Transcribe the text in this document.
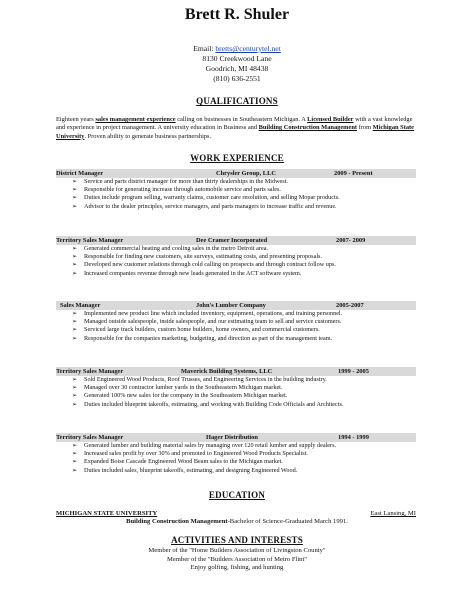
Brett R. Shuler
Email: bretts@centurytel.net
8130 Creekwood Lane
Goodrich, MI 48438
(810) 636-2551
QUALIFICATIONS
Eighteen years sales management experience calling on businesses in Southeastern Michigan. A Licensed Builder with a vast knowledge and experience in project management. A university education in Business and Building Construction Management from Michigan State University. Proven ability to generate business partnerships.
WORK EXPERIENCE
District Manager	Chrysler Group, LLC	2009 - Present
➢ Service and parts district manager for more than thirty dealerships in the Midwest.
➢ Responsible for generating increase through automobile service and parts sales.
➢ Duties include program selling, warranty claims, customer care resolution, and selling Mopar products.
➢ Advisor to the dealer principles, service managers, and parts managers to increase traffic and revenue.
Territory Sales Manager	Dee Cramer Incorporated	2007- 2009
➢ Generated commercial heating and cooling sales in the metro Detroit area.
➢ Responsible for finding new customers, site surveys, estimating costs, and presenting proposals.
➢ Developed new customer relations through cold calling on prospects and through contract follow ups.
➢ Increased companies revenue through new leads generated in the ACT software system.
Sales Manager	John's Lumber Company	2005-2007
➢ Implemented new product line which included inventory, equipment, operations, and training personnel.
➢ Managed outside salespeople, inside salespeople, and our estimating team to sell and service customers.
➢ Serviced large track builders, custom home builders, home owners, and commercial customers.
➢ Responsible for the companies marketing, budgeting, and direction as part of the management team.
Territory Sales Manager	Maverick Building Systems, LLC	1999 - 2005
➢ Sold Engineered Wood Products, Roof Trusses, and Engineering Services in the building industry.
➢ Managed over 30 contractor lumber yards in the Southeastern Michigan market.
➢ Generated 100% new sales for the company in the Southeastern Michigan market.
➢ Duties included blueprint takeoffs, estimating, and working with Building Code Officials and Architects.
Territory Sales Manager	Hager Distribution	1994 - 1999
➢ Generated lumber and building material sales by managing over 120 retail lumber and supply dealers.
➢ Increased sales profit by over 30% and promoted to Engineered Wood Products Specialist.
➢ Expanded Boise Cascade Engineered Wood Beam sales to the Michigan market.
➢ Duties included sales, blueprint takeoffs, estimating, and designing Engineered Wood.
EDUCATION
MICHIGAN STATE UNIVERSITY	East Lansing, MI
Building Construction Management-Bachelor of Science-Graduated March 1991.
ACTIVITIES AND INTERESTS
Member of the "Home Builders Association of Livingston County"
Member of the "Builders Association of Metro Flint"
Enjoy golfing, fishing, and hunting
